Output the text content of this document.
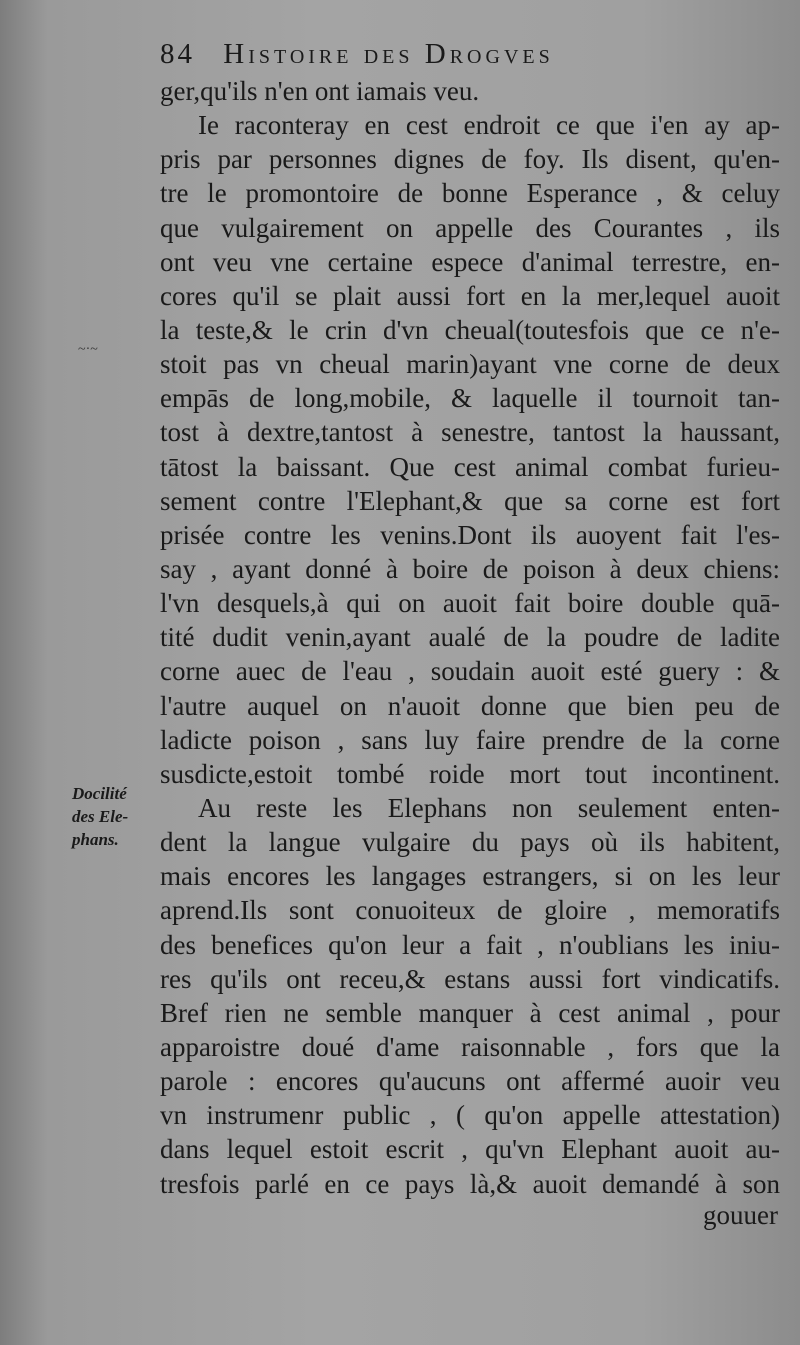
84 Histoire des Drogves
~·~
Docilité
des Ele-
phans.
ger,qu'ils n'en ont iamais veu.
Ie raconteray en cest endroit ce que i'en ay ap-
pris par personnes dignes de foy. Ils disent, qu'en-
tre le promontoire de bonne Esperance , & celuy
que vulgairement on appelle des Courantes , ils
ont veu vne certaine espece d'animal terrestre, en-
cores qu'il se plait aussi fort en la mer,lequel auoit
la teste,& le crin d'vn cheual(toutesfois que ce n'e-
stoit pas vn cheual marin)ayant vne corne de deux
empās de long,mobile, & laquelle il tournoit tan-
tost à dextre,tantost à senestre, tantost la haussant,
tātost la baissant. Que cest animal combat furieu-
sement contre l'Elephant,& que sa corne est fort
prisée contre les venins.Dont ils auoyent fait l'es-
say , ayant donné à boire de poison à deux chiens:
l'vn desquels,à qui on auoit fait boire double quā-
tité dudit venin,ayant aualé de la poudre de ladite
corne auec de l'eau , soudain auoit esté guery : &
l'autre auquel on n'auoit donne que bien peu de
ladicte poison , sans luy faire prendre de la corne
susdicte,estoit tombé roide mort tout incontinent.
Au reste les Elephans non seulement enten-
dent la langue vulgaire du pays où ils habitent,
mais encores les langages estrangers, si on les leur
aprend.Ils sont conuoiteux de gloire , memoratifs
des benefices qu'on leur a fait , n'oublians les iniu-
res qu'ils ont receu,& estans aussi fort vindicatifs.
Bref rien ne semble manquer à cest animal , pour
apparoistre doué d'ame raisonnable , fors que la
parole : encores qu'aucuns ont affermé auoir veu
vn instrumenr public , ( qu'on appelle attestation)
dans lequel estoit escrit , qu'vn Elephant auoit au-
tresfois parlé en ce pays là,& auoit demandé à son
gouuer
